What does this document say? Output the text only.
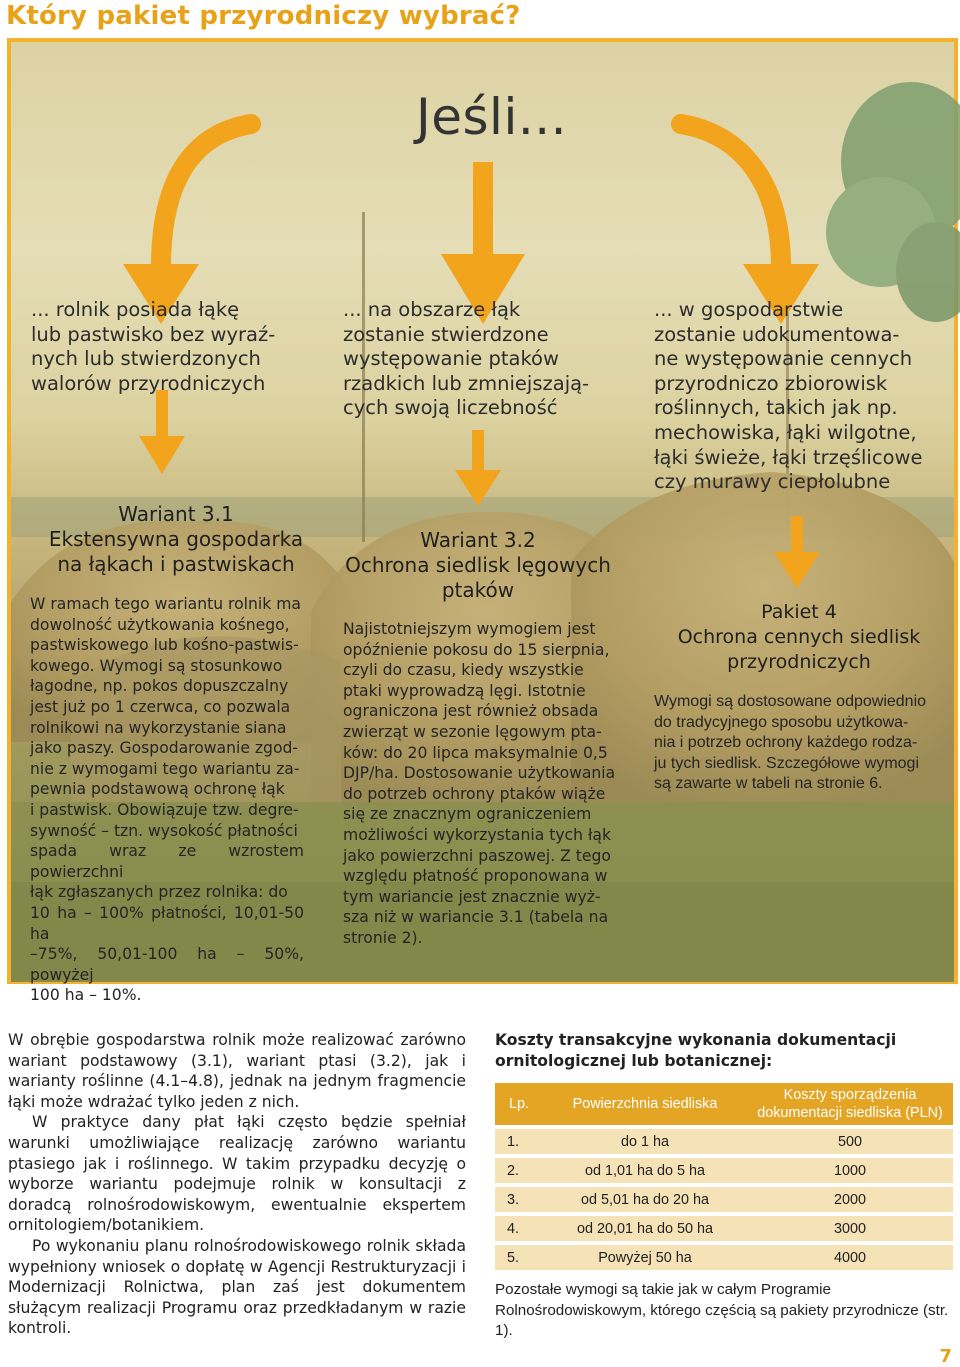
Który pakiet przyrodniczy wybrać?
Jeśli...

... rolnik posiada łąkę
lub pastwisko bez wyraź-
nych lub stwierdzonych
walorów przyrodniczych

... na obszarze łąk
zostanie stwierdzone
występowanie ptaków
rzadkich lub zmniejszają-
cych swoją liczebność

... w gospodarstwie
zostanie udokumentowa-
ne występowanie cennych
przyrodniczo zbiorowisk
roślinnych, takich jak np.
mechowiska, łąki wilgotne,
łąki świeże, łąki trzęślicowe
czy murawy ciepłolubne

Wariant 3.1
Ekstensywna gospodarka
na łąkach i pastwiskach
Wariant 3.2
Ochrona siedlisk lęgowych
ptaków
Pakiet 4
Ochrona cennych siedlisk
przyrodniczych

W ramach tego wariantu rolnik ma
dowolność użytkowania kośnego,
pastwiskowego lub kośno-pastwis-
kowego. Wymogi są stosunkowo
łagodne, np. pokos dopuszczalny
jest już po 1 czerwca, co pozwala
rolnikowi na wykorzystanie siana
jako paszy. Gospodarowanie zgod-
nie z wymogami tego wariantu za-
pewnia podstawową ochronę łąk
i pastwisk. Obowiązuje tzw. degre-
sywność – tzn. wysokość płatności
spada wraz ze wzrostem powierzchni
łąk zgłaszanych przez rolnika: do
10 ha – 100% płatności, 10,01-50 ha
–75%, 50,01-100 ha – 50%, powyżej
100 ha – 10%.

Najistotniejszym wymogiem jest
opóźnienie pokosu do 15 sierpnia,
czyli do czasu, kiedy wszystkie
ptaki wyprowadzą lęgi. Istotnie
ograniczona jest również obsada
zwierząt w sezonie lęgowym pta-
ków: do 20 lipca maksymalnie 0,5
DJP/ha. Dostosowanie użytkowania
do potrzeb ochrony ptaków wiąże
się ze znacznym ograniczeniem
możliwości wykorzystania tych łąk
jako powierzchni paszowej. Z tego
względu płatność proponowana w
tym wariancie jest znacznie wyż-
sza niż w wariancie 3.1 (tabela na
stronie 2).

Wymogi są dostosowane odpowiednio
do tradycyjnego sposobu użytkowa-
nia i potrzeb ochrony każdego rodza-
ju tych siedlisk. Szczegółowe wymogi
są zawarte w tabeli na stronie 6.

W obrębie gospodarstwa rolnik może realizować zarówno wariant podstawowy (3.1), wariant ptasi (3.2), jak i warianty roślinne (4.1–4.8), jednak na jednym fragmencie łąki może wdrażać tylko jeden z nich.

W praktyce dany płat łąki często będzie spełniał warunki umożliwiające realizację zarówno wariantu ptasiego jak i roślinnego. W takim przypadku decyzję o wyborze wariantu podejmuje rolnik w konsultacji z doradcą rolnośrodowiskowym, ewentualnie ekspertem ornitologiem/botanikiem.

Po wykonaniu planu rolnośrodowiskowego rolnik składa wypełniony wniosek o dopłatę w Agencji Restrukturyzacji i Modernizacji Rolnictwa, plan zaś jest dokumentem służącym realizacji Programu oraz przedkładanym w razie kontroli.

Koszty transakcyjne wykonania dokumentacji ornitologicznej lub botanicznej:

Lp.	Powierzchnia siedliska	Koszty sporządzenia dokumentacji siedliska (PLN)
1.	do 1 ha	500
2.	od 1,01 ha do 5 ha	1000
3.	od 5,01 ha do 20 ha	2000
4.	od 20,01 ha do 50 ha	3000
5.	Powyżej 50 ha	4000

Pozostałe wymogi są takie jak w całym Programie Rolnośrodowiskowym, którego częścią są pakiety przyrodnicze (str. 1).

7
